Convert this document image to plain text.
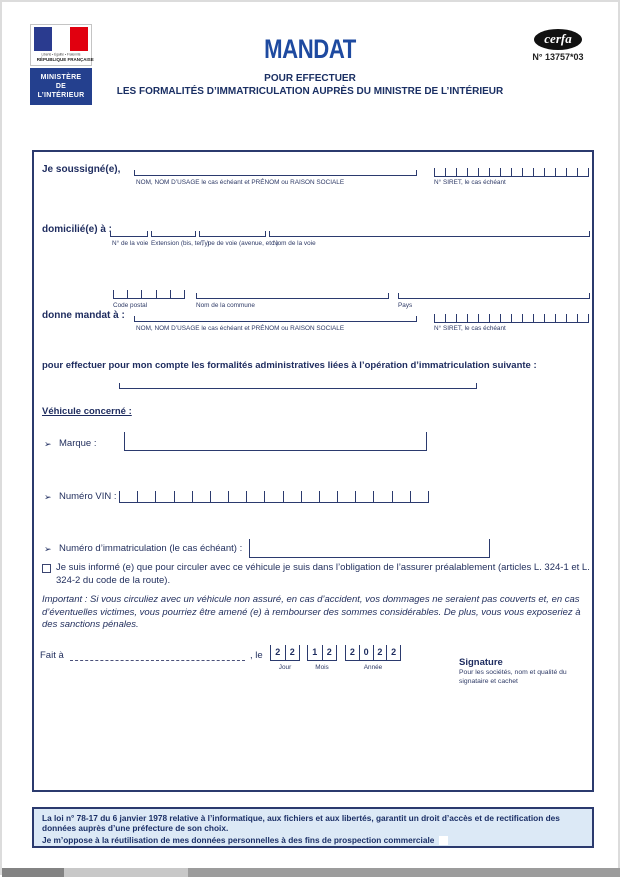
Liberté • Égalité • Fraternité
RÉPUBLIQUE FRANÇAISE
MINISTÈRE
DE
L’INTÉRIEUR
MANDAT
POUR EFFECTUER
LES FORMALITÉS D’IMMATRICULATION AUPRÈS DU MINISTRE DE L’INTÉRIEUR
cerfa
N° 13757*03
Je soussigné(e),
NOM, NOM D’USAGE le cas échéant et PRÉNOM ou RAISON SOCIALE	N° SIRET, le cas échéant
domicilié(e) à :
N° de la voie Extension (bis, ter, .)
Type de voie (avenue, etc.)
Nom de la voie
Code postal	Nom de la commune	Pays
donne mandat à :
NOM, NOM D’USAGE le cas échéant et PRÉNOM ou RAISON SOCIALE	N° SIRET, le cas échéant
pour effectuer pour mon compte les formalités administratives liées à l’opération d’immatriculation suivante :
Véhicule concerné :
➢ Marque :
➢ Numéro VIN :
➢ Numéro d’immatriculation (le cas échéant) :
Je suis informé (e) que pour circuler avec ce véhicule je suis dans l’obligation de l’assurer préalablement (articles L. 324-1 et L. 324-2 du code de la route).
Important : Si vous circuliez avec un véhicule non assuré, en cas d’accident, vos dommages ne seraient pas couverts et, en cas d’éventuelles victimes, vous pourriez être amené (e) à rembourser des sommes considérables. De plus, vous vous exposeriez à des sanctions pénales.
Fait à	, le	2	2	1	2	2 0 2 2
Jour	Mois	Année	Signature
Pour les sociétés, nom et qualité du signataire et cachet
La loi n° 78-17 du 6 janvier 1978 relative à l’informatique, aux fichiers et aux libertés, garantit un droit d’accès et de rectification des données auprès d’une préfecture de son choix.
Je m’oppose à la réutilisation de mes données personnelles à des fins de prospection commerciale
